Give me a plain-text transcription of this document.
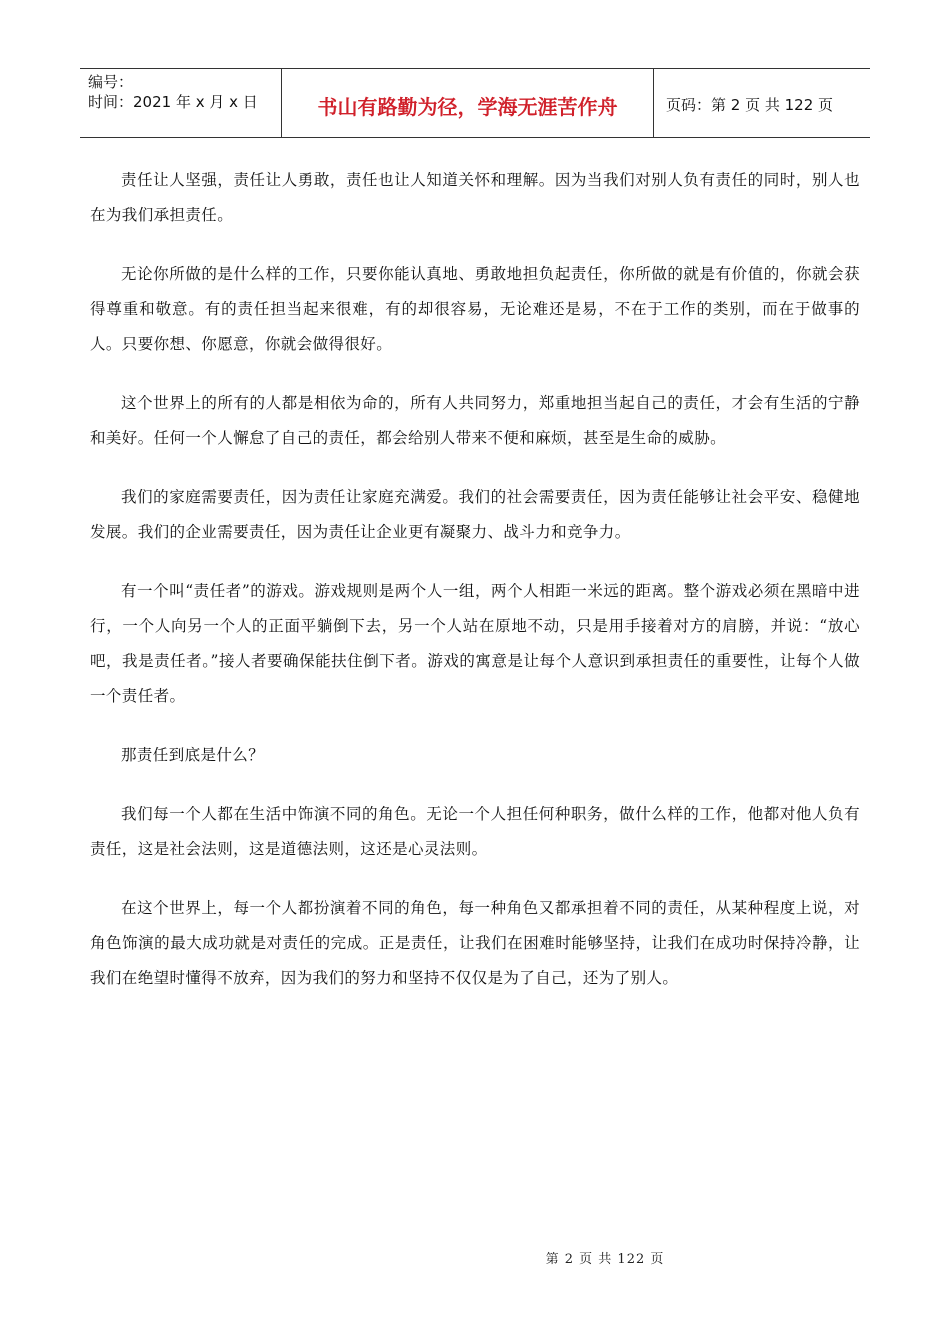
编号：
时间：2021 年 x 月 x 日	书山有路勤为径，学海无涯苦作舟	页码：第 2 页 共 122 页

责任让人坚强，责任让人勇敢，责任也让人知道关怀和理解。因为当我们对别人负有责任的同时，别人也在为我们承担责任。

无论你所做的是什么样的工作，只要你能认真地、勇敢地担负起责任，你所做的就是有价值的，你就会获得尊重和敬意。有的责任担当起来很难，有的却很容易，无论难还是易，不在于工作的类别，而在于做事的人。只要你想、你愿意，你就会做得很好。

这个世界上的所有的人都是相依为命的，所有人共同努力，郑重地担当起自己的责任，才会有生活的宁静和美好。任何一个人懈怠了自己的责任，都会给别人带来不便和麻烦，甚至是生命的威胁。

我们的家庭需要责任，因为责任让家庭充满爱。我们的社会需要责任，因为责任能够让社会平安、稳健地发展。我们的企业需要责任，因为责任让企业更有凝聚力、战斗力和竞争力。

有一个叫“责任者”的游戏。游戏规则是两个人一组，两个人相距一米远的距离。整个游戏必须在黑暗中进行，一个人向另一个人的正面平躺倒下去，另一个人站在原地不动，只是用手接着对方的肩膀，并说：“放心吧，我是责任者。”接人者要确保能扶住倒下者。游戏的寓意是让每个人意识到承担责任的重要性，让每个人做一个责任者。

那责任到底是什么？

我们每一个人都在生活中饰演不同的角色。无论一个人担任何种职务，做什么样的工作，他都对他人负有责任，这是社会法则，这是道德法则，这还是心灵法则。

在这个世界上，每一个人都扮演着不同的角色，每一种角色又都承担着不同的责任，从某种程度上说，对角色饰演的最大成功就是对责任的完成。正是责任，让我们在困难时能够坚持，让我们在成功时保持冷静，让我们在绝望时懂得不放弃，因为我们的努力和坚持不仅仅是为了自己，还为了别人。

第 2 页 共 122 页
